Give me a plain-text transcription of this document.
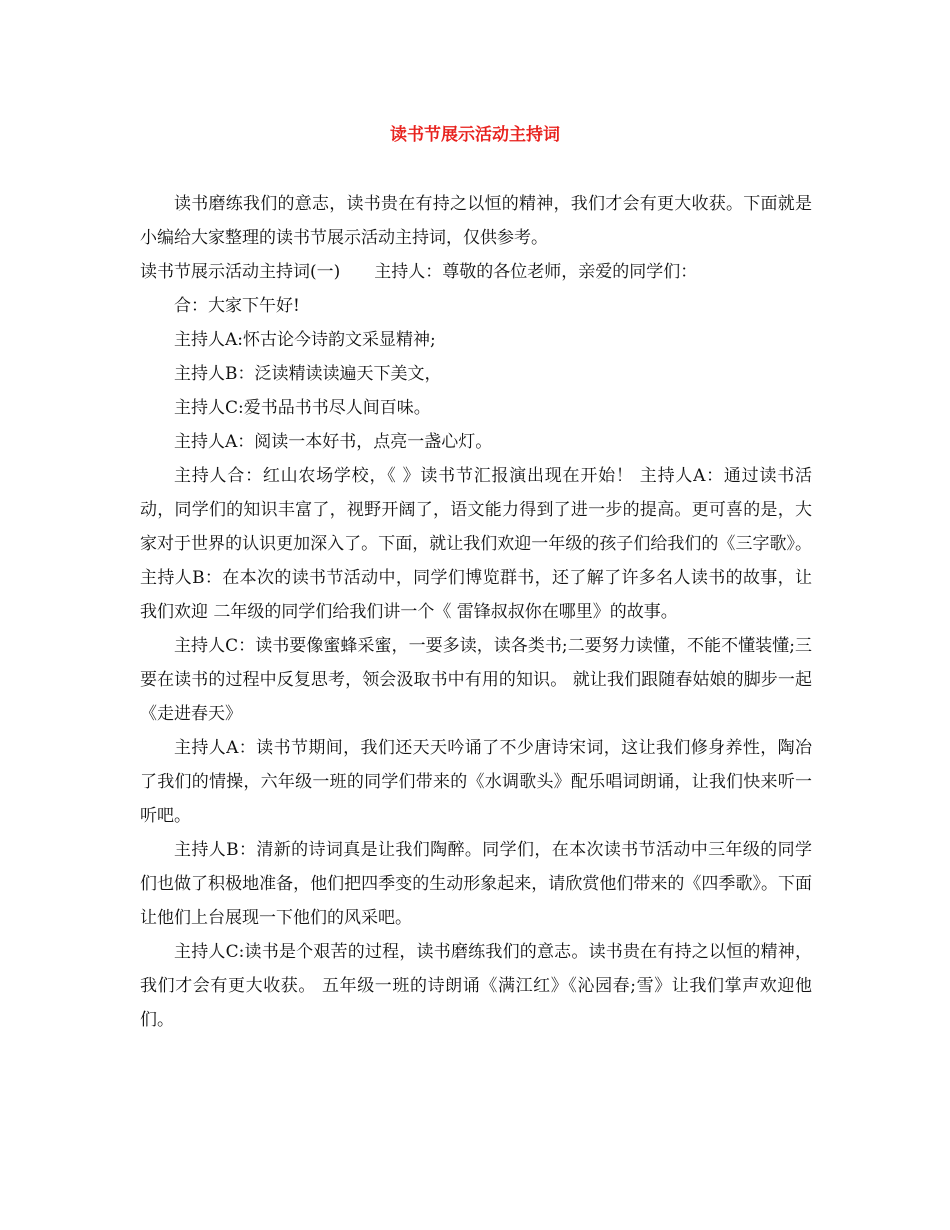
读书节展示活动主持词

读书磨练我们的意志，读书贵在有持之以恒的精神，我们才会有更大收获。下面就是小编给大家整理的读书节展示活动主持词，仅供参考。

读书节展示活动主持词(一) 主持人：尊敬的各位老师，亲爱的同学们：

合：大家下午好!

主持人A:怀古论今诗韵文采显精神;

主持人B：泛读精读读遍天下美文，

主持人C:爱书品书书尽人间百味。

主持人A：阅读一本好书，点亮一盏心灯。

主持人合：红山农场学校，《 》读书节汇报演出现在开始！ 主持人A：通过读书活动，同学们的知识丰富了，视野开阔了，语文能力得到了进一步的提高。更可喜的是，大家对于世界的认识更加深入了。下面，就让我们欢迎一年级的孩子们给我们的《三字歌》。 主持人B：在本次的读书节活动中，同学们博览群书，还了解了许多名人读书的故事，让我们欢迎 二年级的同学们给我们讲一个《 雷锋叔叔你在哪里》的故事。

主持人C：读书要像蜜蜂采蜜，一要多读，读各类书;二要努力读懂，不能不懂装懂;三要在读书的过程中反复思考，领会汲取书中有用的知识。 就让我们跟随春姑娘的脚步一起《走进春天》

主持人A：读书节期间，我们还天天吟诵了不少唐诗宋词，这让我们修身养性，陶冶了我们的情操，六年级一班的同学们带来的《水调歌头》配乐唱词朗诵，让我们快来听一听吧。

主持人B：清新的诗词真是让我们陶醉。同学们，在本次读书节活动中三年级的同学们也做了积极地准备，他们把四季变的生动形象起来，请欣赏他们带来的《四季歌》。下面让他们上台展现一下他们的风采吧。

主持人C:读书是个艰苦的过程，读书磨练我们的意志。读书贵在有持之以恒的精神，我们才会有更大收获。 五年级一班的诗朗诵《满江红》《沁园春;雪》让我们掌声欢迎他们。
